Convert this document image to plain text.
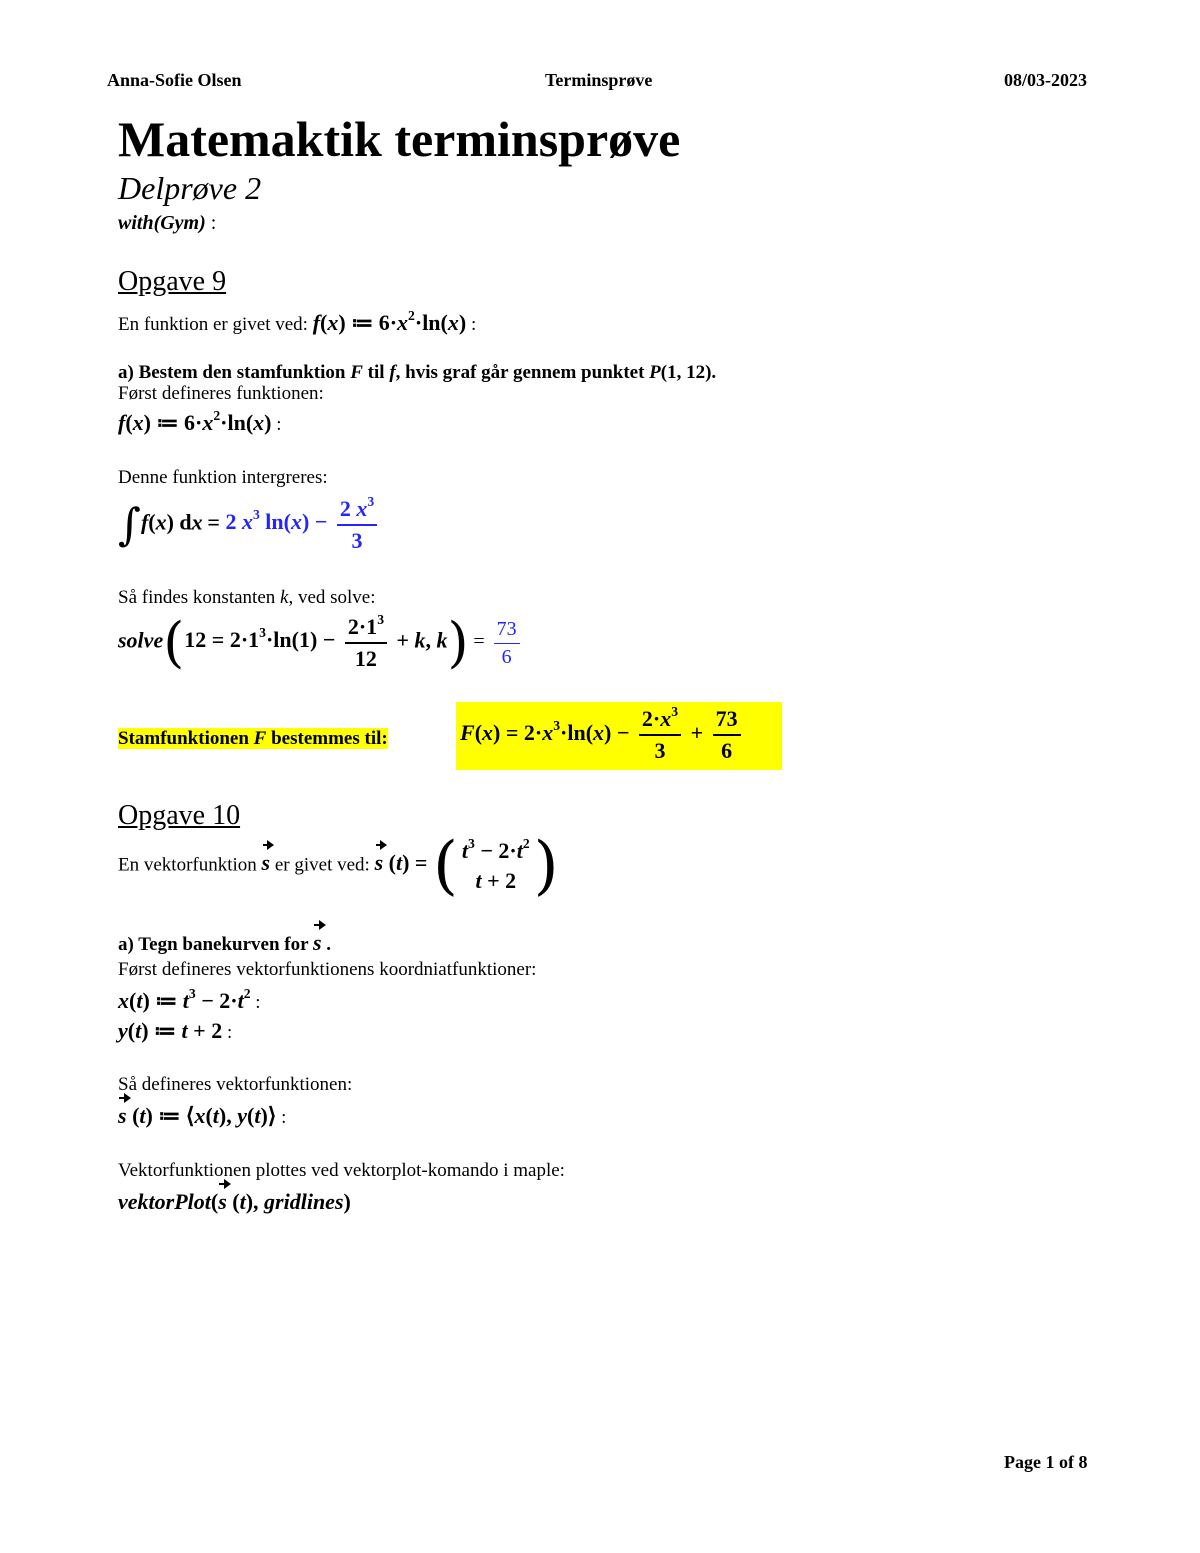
Anna-Sofie Olsen	Terminsprøve	08/03-2023
Matemaktik terminsprøve
Delprøve 2
with(Gym) :
Opgave 9
En funktion er givet ved: f(x) ≔ $6\cdot x^2\cdot\ln(x)$ :
a) Bestem den stamfunktion F til f, hvis graf går gennem punktet P(1, 12).
Først defineres funktionen:
f(x) ≔ $6\cdot x^2\cdot\ln(x)$ :
Denne funktion intergreres:
∫f(x) dx = 2 $x^3$ $\ln(x) - \frac{2 x^3}{3}$
Så findes konstanten k, ved solve:
solve(12 = $2\cdot 1^3\cdot\ln(1) - \frac{2\cdot 1^3}{12} + k$, $k) = \frac{73}{6}$
Stamfunktionen F bestemmes til:	$F(x) = 2\cdot x^3\cdot\ln(x) - \frac{2\cdot x^3}{3} + \frac{73}{6}$
Opgave 10
En vektorfunktion s er givet ved: s (t) = ( $t^3 - 2\cdot t^2$
t + 2 )
a) Tegn banekurven for s .
Først defineres vektorfunktionens koordniatfunktioner:
x(t) ≔ $t^3 - 2\cdot t^2$ :
y(t) ≔ t + 2 :
Så defineres vektorfunktionen:
s (t) ≔ ⟨x(t), y(t)⟩ :
Vektorfunktionen plottes ved vektorplot-komando i maple:
vektorPlot(s (t), gridlines)
Page 1 of 8
